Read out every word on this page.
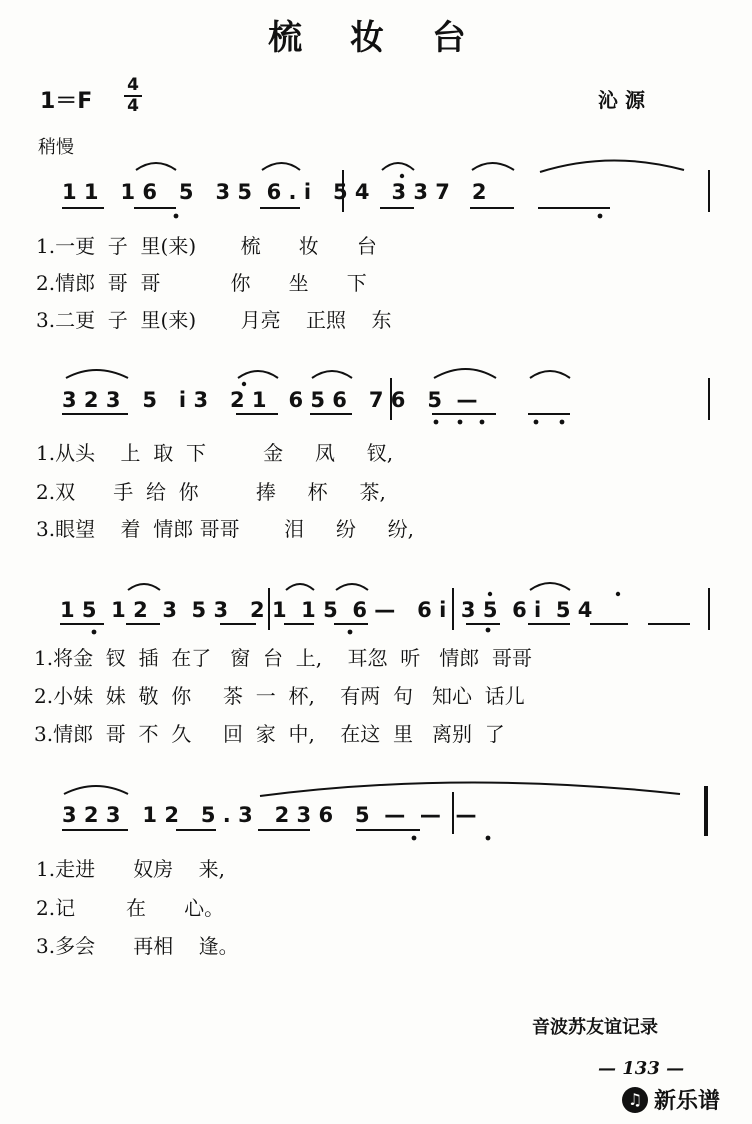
梳 妆 台
1＝F
4
4	沁 源
稍慢
1 1   1 6   5   3 5  6 . i   5 4   3 3 7   2
1.一更  子  里(来)       梳      妆      台
2.情郎  哥  哥           你      坐      下
3.二更  子  里(来)       月亮    正照    东
3 2 3   5   i 3   2 1   6 5 6   7 6   5  —
1.从头    上  取  下         金     凤     钗,
2.双      手  给  你         捧     杯     茶,
3.眼望    着  情郎 哥哥       泪     纷     纷,
1 5  1 2  3  5 3   2 1  1 5  6 —   6 i  3 5  6 i  5 4
1.将金  钗  插  在了   窗  台  上,    耳忽  听   情郎  哥哥
2.小妹  妹  敬  你     茶  一  杯,    有两  句   知心  话儿
3.情郎  哥  不  久     回  家  中,    在这  里   离别  了
3 2 3   1 2   5 . 3   2 3 6   5  —  —  —
1.走进      奴房    来,
2.记        在      心。
3.多会      再相    逢。
音波苏友谊记录
— 133 —
♫ 新乐谱
